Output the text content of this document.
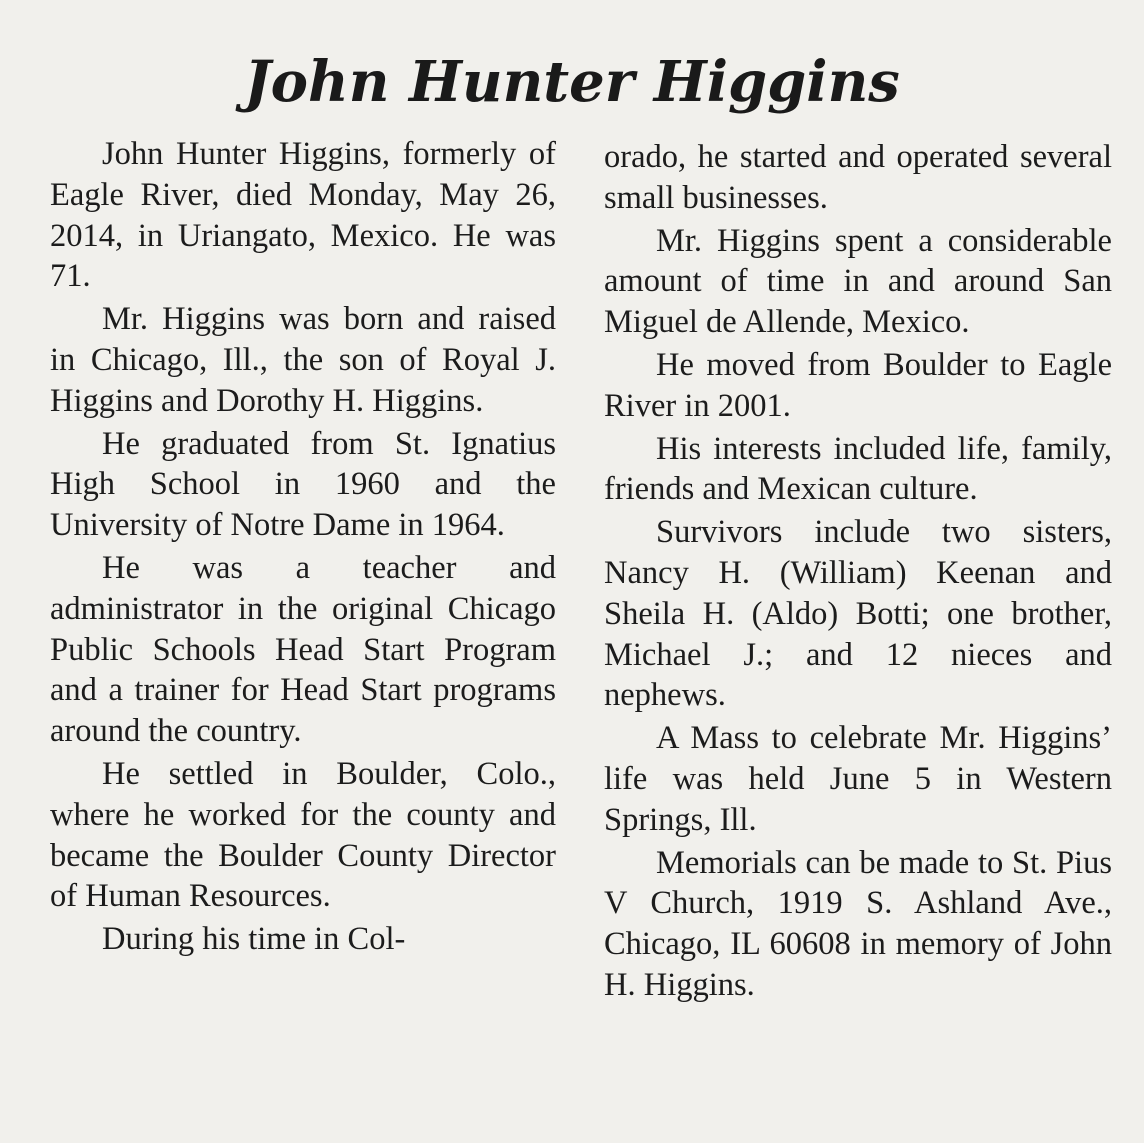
John Hunter Higgins

John Hunter Higgins, formerly of Eagle River, died Monday, May 26, 2014, in Uriangato, Mexico. He was 71.

Mr. Higgins was born and raised in Chicago, Ill., the son of Royal J. Higgins and Dorothy H. Higgins.

He graduated from St. Ignatius High School in 1960 and the University of Notre Dame in 1964.

He was a teacher and administrator in the original Chicago Public Schools Head Start Program and a trainer for Head Start programs around the country.

He settled in Boulder, Colo., where he worked for the county and became the Boulder County Director of Human Resources.

During his time in Col-

orado, he started and operated several small businesses.

Mr. Higgins spent a considerable amount of time in and around San Miguel de Allende, Mexico.

He moved from Boulder to Eagle River in 2001.

His interests included life, family, friends and Mexican culture.

Survivors include two sisters, Nancy H. (William) Keenan and Sheila H. (Aldo) Botti; one brother, Michael J.; and 12 nieces and nephews.

A Mass to celebrate Mr. Higgins’ life was held June 5 in Western Springs, Ill.

Memorials can be made to St. Pius V Church, 1919 S. Ashland Ave., Chicago, IL 60608 in memory of John H. Higgins.
